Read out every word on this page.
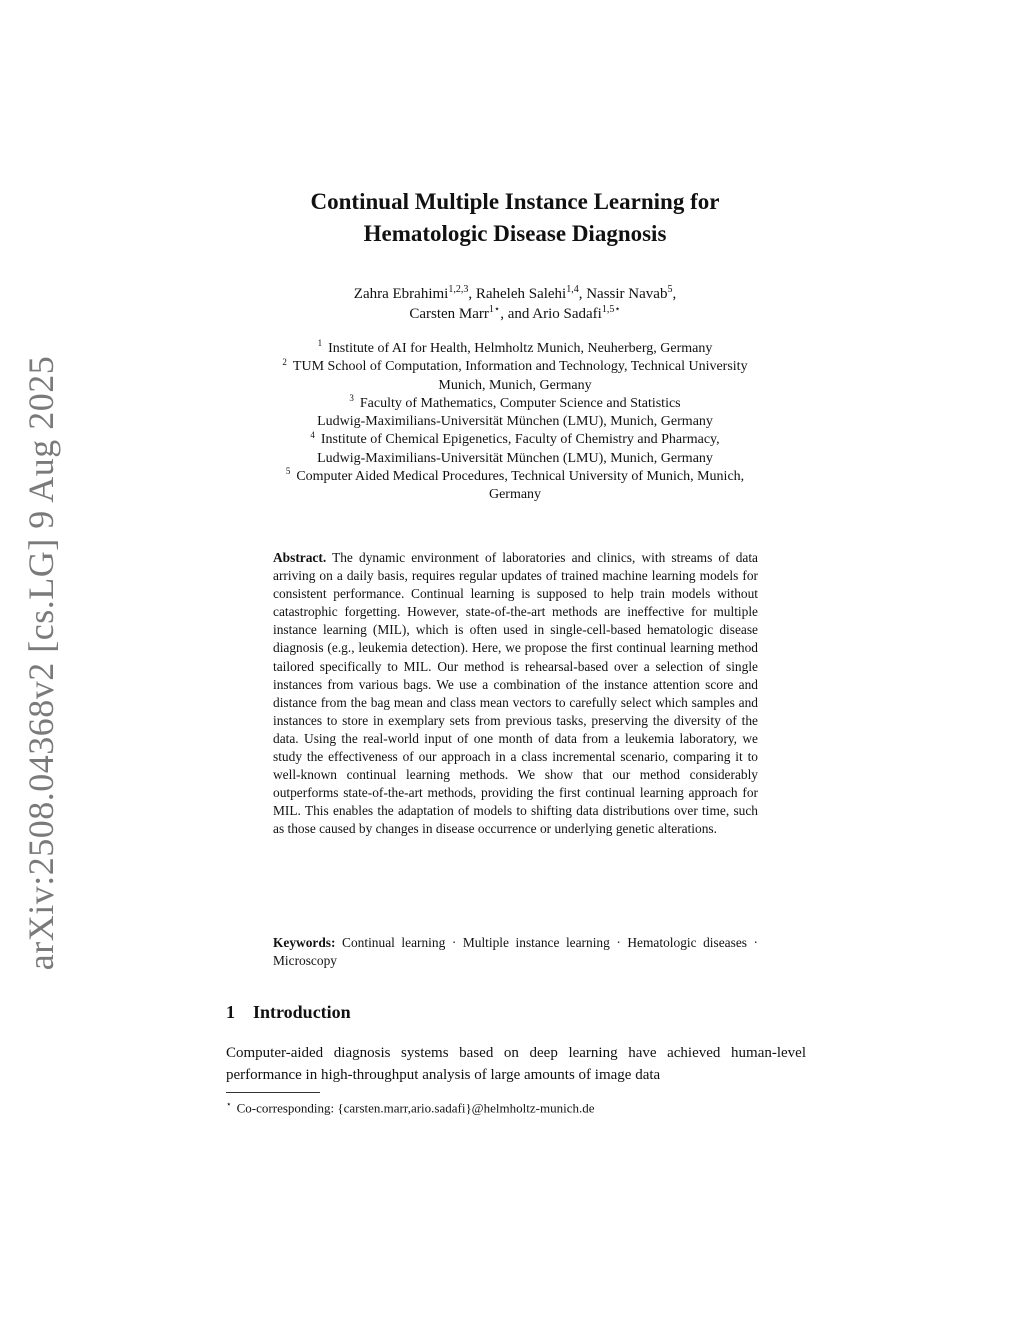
arXiv:2508.04368v2 [cs.LG] 9 Aug 2025
Continual Multiple Instance Learning for
Hematologic Disease Diagnosis
Zahra Ebrahimi$^{1,2,3}$, Raheleh Salehi$^{1,4}$, Nassir Navab$^5$,
Carsten Marr$^{1⋆}$, and Ario Sadafi$^{1,5⋆}$
$^1$ Institute of AI for Health, Helmholtz Munich, Neuherberg, Germany
$^2$ TUM School of Computation, Information and Technology, Technical University
Munich, Munich, Germany
$^3$ Faculty of Mathematics, Computer Science and Statistics
Ludwig-Maximilians-Universität München (LMU), Munich, Germany
$^4$ Institute of Chemical Epigenetics, Faculty of Chemistry and Pharmacy,
Ludwig-Maximilians-Universität München (LMU), Munich, Germany
$^5$ Computer Aided Medical Procedures, Technical University of Munich, Munich,
Germany
Abstract. The dynamic environment of laboratories and clinics, with streams of data arriving on a daily basis, requires regular updates of trained machine learning models for consistent performance. Continual learning is supposed to help train models without catastrophic forgetting. However, state-of-the-art methods are ineffective for multiple instance learning (MIL), which is often used in single-cell-based hematologic disease diagnosis (e.g., leukemia detection). Here, we propose the first continual learning method tailored specifically to MIL. Our method is rehearsal-based over a selection of single instances from various bags. We use a combination of the instance attention score and distance from the bag mean and class mean vectors to carefully select which samples and instances to store in exemplary sets from previous tasks, preserving the diversity of the data. Using the real-world input of one month of data from a leukemia laboratory, we study the effectiveness of our approach in a class incremental scenario, comparing it to well-known continual learning methods. We show that our method considerably outperforms state-of-the-art methods, providing the first continual learning approach for MIL. This enables the adaptation of models to shifting data distributions over time, such as those caused by changes in disease occurrence or underlying genetic alterations.
Keywords: Continual learning · Multiple instance learning · Hematologic diseases · Microscopy
1 Introduction
Computer-aided diagnosis systems based on deep learning have achieved human-level performance in high-throughput analysis of large amounts of image data
⋆ Co-corresponding: {carsten.marr,ario.sadafi}@helmholtz-munich.de
